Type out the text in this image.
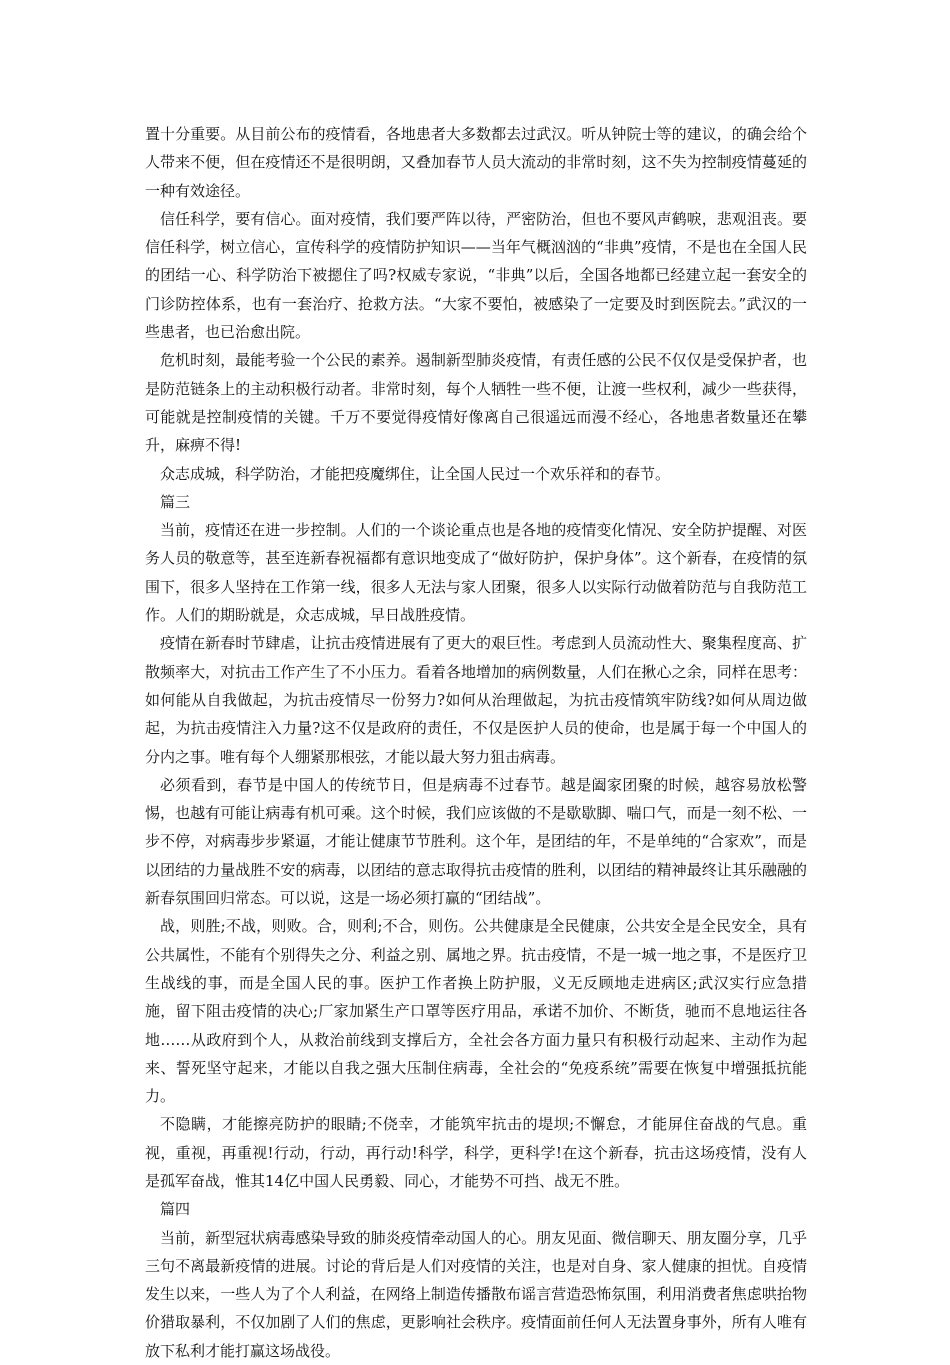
置十分重要。从目前公布的疫情看，各地患者大多数都去过武汉。听从钟院士等的建议，的确会给个人带来不便，但在疫情还不是很明朗，又叠加春节人员大流动的非常时刻，这不失为控制疫情蔓延的一种有效途径。

信任科学，要有信心。面对疫情，我们要严阵以待，严密防治，但也不要风声鹤唳，悲观沮丧。要信任科学，树立信心，宣传科学的疫情防护知识——当年气概汹汹的“非典”疫情，不是也在全国人民的团结一心、科学防治下被摁住了吗?权威专家说，“非典”以后，全国各地都已经建立起一套安全的门诊防控体系，也有一套治疗、抢救方法。“大家不要怕，被感染了一定要及时到医院去。”武汉的一些患者，也已治愈出院。

危机时刻，最能考验一个公民的素养。遏制新型肺炎疫情，有责任感的公民不仅仅是受保护者，也是防范链条上的主动积极行动者。非常时刻，每个人牺牲一些不便，让渡一些权利，减少一些获得，可能就是控制疫情的关键。千万不要觉得疫情好像离自己很遥远而漫不经心，各地患者数量还在攀升，麻痹不得!

众志成城，科学防治，才能把疫魔绑住，让全国人民过一个欢乐祥和的春节。

篇三

当前，疫情还在进一步控制。人们的一个谈论重点也是各地的疫情变化情况、安全防护提醒、对医务人员的敬意等，甚至连新春祝福都有意识地变成了“做好防护，保护身体”。这个新春，在疫情的氛围下，很多人坚持在工作第一线，很多人无法与家人团聚，很多人以实际行动做着防范与自我防范工作。人们的期盼就是，众志成城，早日战胜疫情。

疫情在新春时节肆虐，让抗击疫情进展有了更大的艰巨性。考虑到人员流动性大、聚集程度高、扩散频率大，对抗击工作产生了不小压力。看着各地增加的病例数量，人们在揪心之余，同样在思考：如何能从自我做起，为抗击疫情尽一份努力?如何从治理做起，为抗击疫情筑牢防线?如何从周边做起，为抗击疫情注入力量?这不仅是政府的责任，不仅是医护人员的使命，也是属于每一个中国人的分内之事。唯有每个人绷紧那根弦，才能以最大努力狙击病毒。

必须看到，春节是中国人的传统节日，但是病毒不过春节。越是阖家团聚的时候，越容易放松警惕，也越有可能让病毒有机可乘。这个时候，我们应该做的不是歇歇脚、喘口气，而是一刻不松、一步不停，对病毒步步紧逼，才能让健康节节胜利。这个年，是团结的年，不是单纯的“合家欢”，而是以团结的力量战胜不安的病毒，以团结的意志取得抗击疫情的胜利，以团结的精神最终让其乐融融的新春氛围回归常态。可以说，这是一场必须打赢的“团结战”。

战，则胜;不战，则败。合，则利;不合，则伤。公共健康是全民健康，公共安全是全民安全，具有公共属性，不能有个别得失之分、利益之别、属地之界。抗击疫情，不是一城一地之事，不是医疗卫生战线的事，而是全国人民的事。医护工作者换上防护服，义无反顾地走进病区;武汉实行应急措施，留下阻击疫情的决心;厂家加紧生产口罩等医疗用品，承诺不加价、不断货，驰而不息地运往各地……从政府到个人，从救治前线到支撑后方，全社会各方面力量只有积极行动起来、主动作为起来、誓死坚守起来，才能以自我之强大压制住病毒，全社会的“免疫系统”需要在恢复中增强抵抗能力。

不隐瞒，才能擦亮防护的眼睛;不侥幸，才能筑牢抗击的堤坝;不懈怠，才能屏住奋战的气息。重视，重视，再重视!行动，行动，再行动!科学，科学，更科学!在这个新春，抗击这场疫情，没有人是孤军奋战，惟其14亿中国人民勇毅、同心，才能势不可挡、战无不胜。

篇四

当前，新型冠状病毒感染导致的肺炎疫情牵动国人的心。朋友见面、微信聊天、朋友圈分享，几乎三句不离最新疫情的进展。讨论的背后是人们对疫情的关注，也是对自身、家人健康的担忧。自疫情发生以来，一些人为了个人利益，在网络上制造传播散布谣言营造恐怖氛围，利用消费者焦虑哄抬物价猎取暴利，不仅加剧了人们的焦虑，更影响社会秩序。疫情面前任何人无法置身事外，所有人唯有放下私利才能打赢这场战役。
